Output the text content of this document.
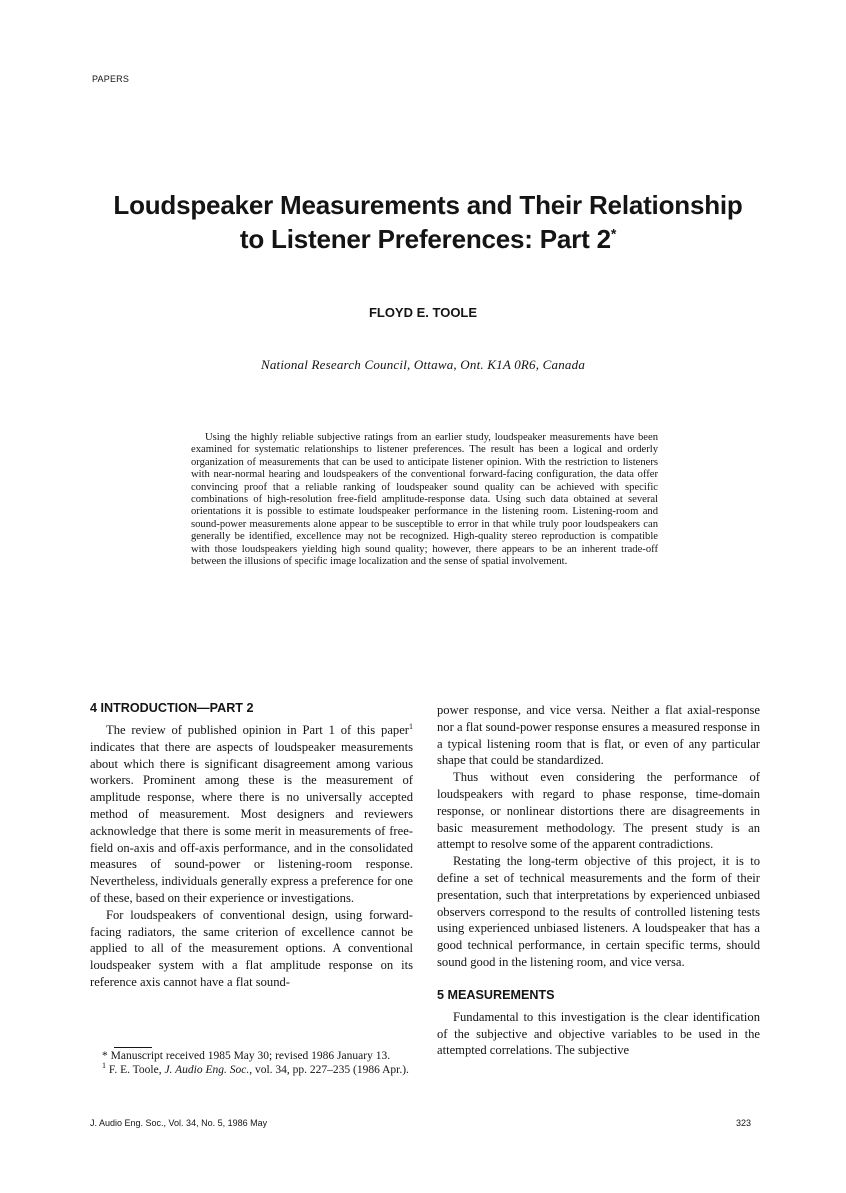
PAPERS
Loudspeaker Measurements and Their Relationship
to Listener Preferences: Part 2*
FLOYD E. TOOLE
National Research Council, Ottawa, Ont. K1A 0R6, Canada

Using the highly reliable subjective ratings from an earlier study, loudspeaker measurements have been examined for systematic relationships to listener preferences. The result has been a logical and orderly organization of measurements that can be used to anticipate listener opinion. With the restriction to listeners with near-normal hearing and loudspeakers of the conventional forward-facing configuration, the data offer convincing proof that a reliable ranking of loudspeaker sound quality can be achieved with specific combinations of high-resolution free-field amplitude-response data. Using such data obtained at several orientations it is possible to estimate loudspeaker performance in the listening room. Listening-room and sound-power measurements alone appear to be susceptible to error in that while truly poor loudspeakers can generally be identified, excellence may not be recognized. High-quality stereo reproduction is compatible with those loudspeakers yielding high sound quality; however, there appears to be an inherent trade-off between the illusions of specific image localization and the sense of spatial involvement.

4 INTRODUCTION—PART 2

The review of published opinion in Part 1 of this paper$^1$ indicates that there are aspects of loudspeaker measurements about which there is significant disagreement among various workers. Prominent among these is the measurement of amplitude response, where there is no universally accepted method of measurement. Most designers and reviewers acknowledge that there is some merit in measurements of free-field on-axis and off-axis performance, and in the consolidated measures of sound-power or listening-room response. Nevertheless, individuals generally express a preference for one of these, based on their experience or investigations.

For loudspeakers of conventional design, using forward-facing radiators, the same criterion of excellence cannot be applied to all of the measurement options. A conventional loudspeaker system with a flat amplitude response on its reference axis cannot have a flat sound-

power response, and vice versa. Neither a flat axial-response nor a flat sound-power response ensures a measured response in a typical listening room that is flat, or even of any particular shape that could be standardized.

Thus without even considering the performance of loudspeakers with regard to phase response, time-domain response, or nonlinear distortions there are disagreements in basic measurement methodology. The present study is an attempt to resolve some of the apparent contradictions.

Restating the long-term objective of this project, it is to define a set of technical measurements and the form of their presentation, such that interpretations by experienced unbiased observers correspond to the results of controlled listening tests using experienced unbiased listeners. A loudspeaker that has a good technical performance, in certain specific terms, should sound good in the listening room, and vice versa.

5 MEASUREMENTS

Fundamental to this investigation is the clear identification of the subjective and objective variables to be used in the attempted correlations. The subjective

* Manuscript received 1985 May 30; revised 1986 January 13.

$^1$ F. E. Toole, J. Audio Eng. Soc., vol. 34, pp. 227–235 (1986 Apr.).

J. Audio Eng. Soc., Vol. 34, No. 5, 1986 May	323
